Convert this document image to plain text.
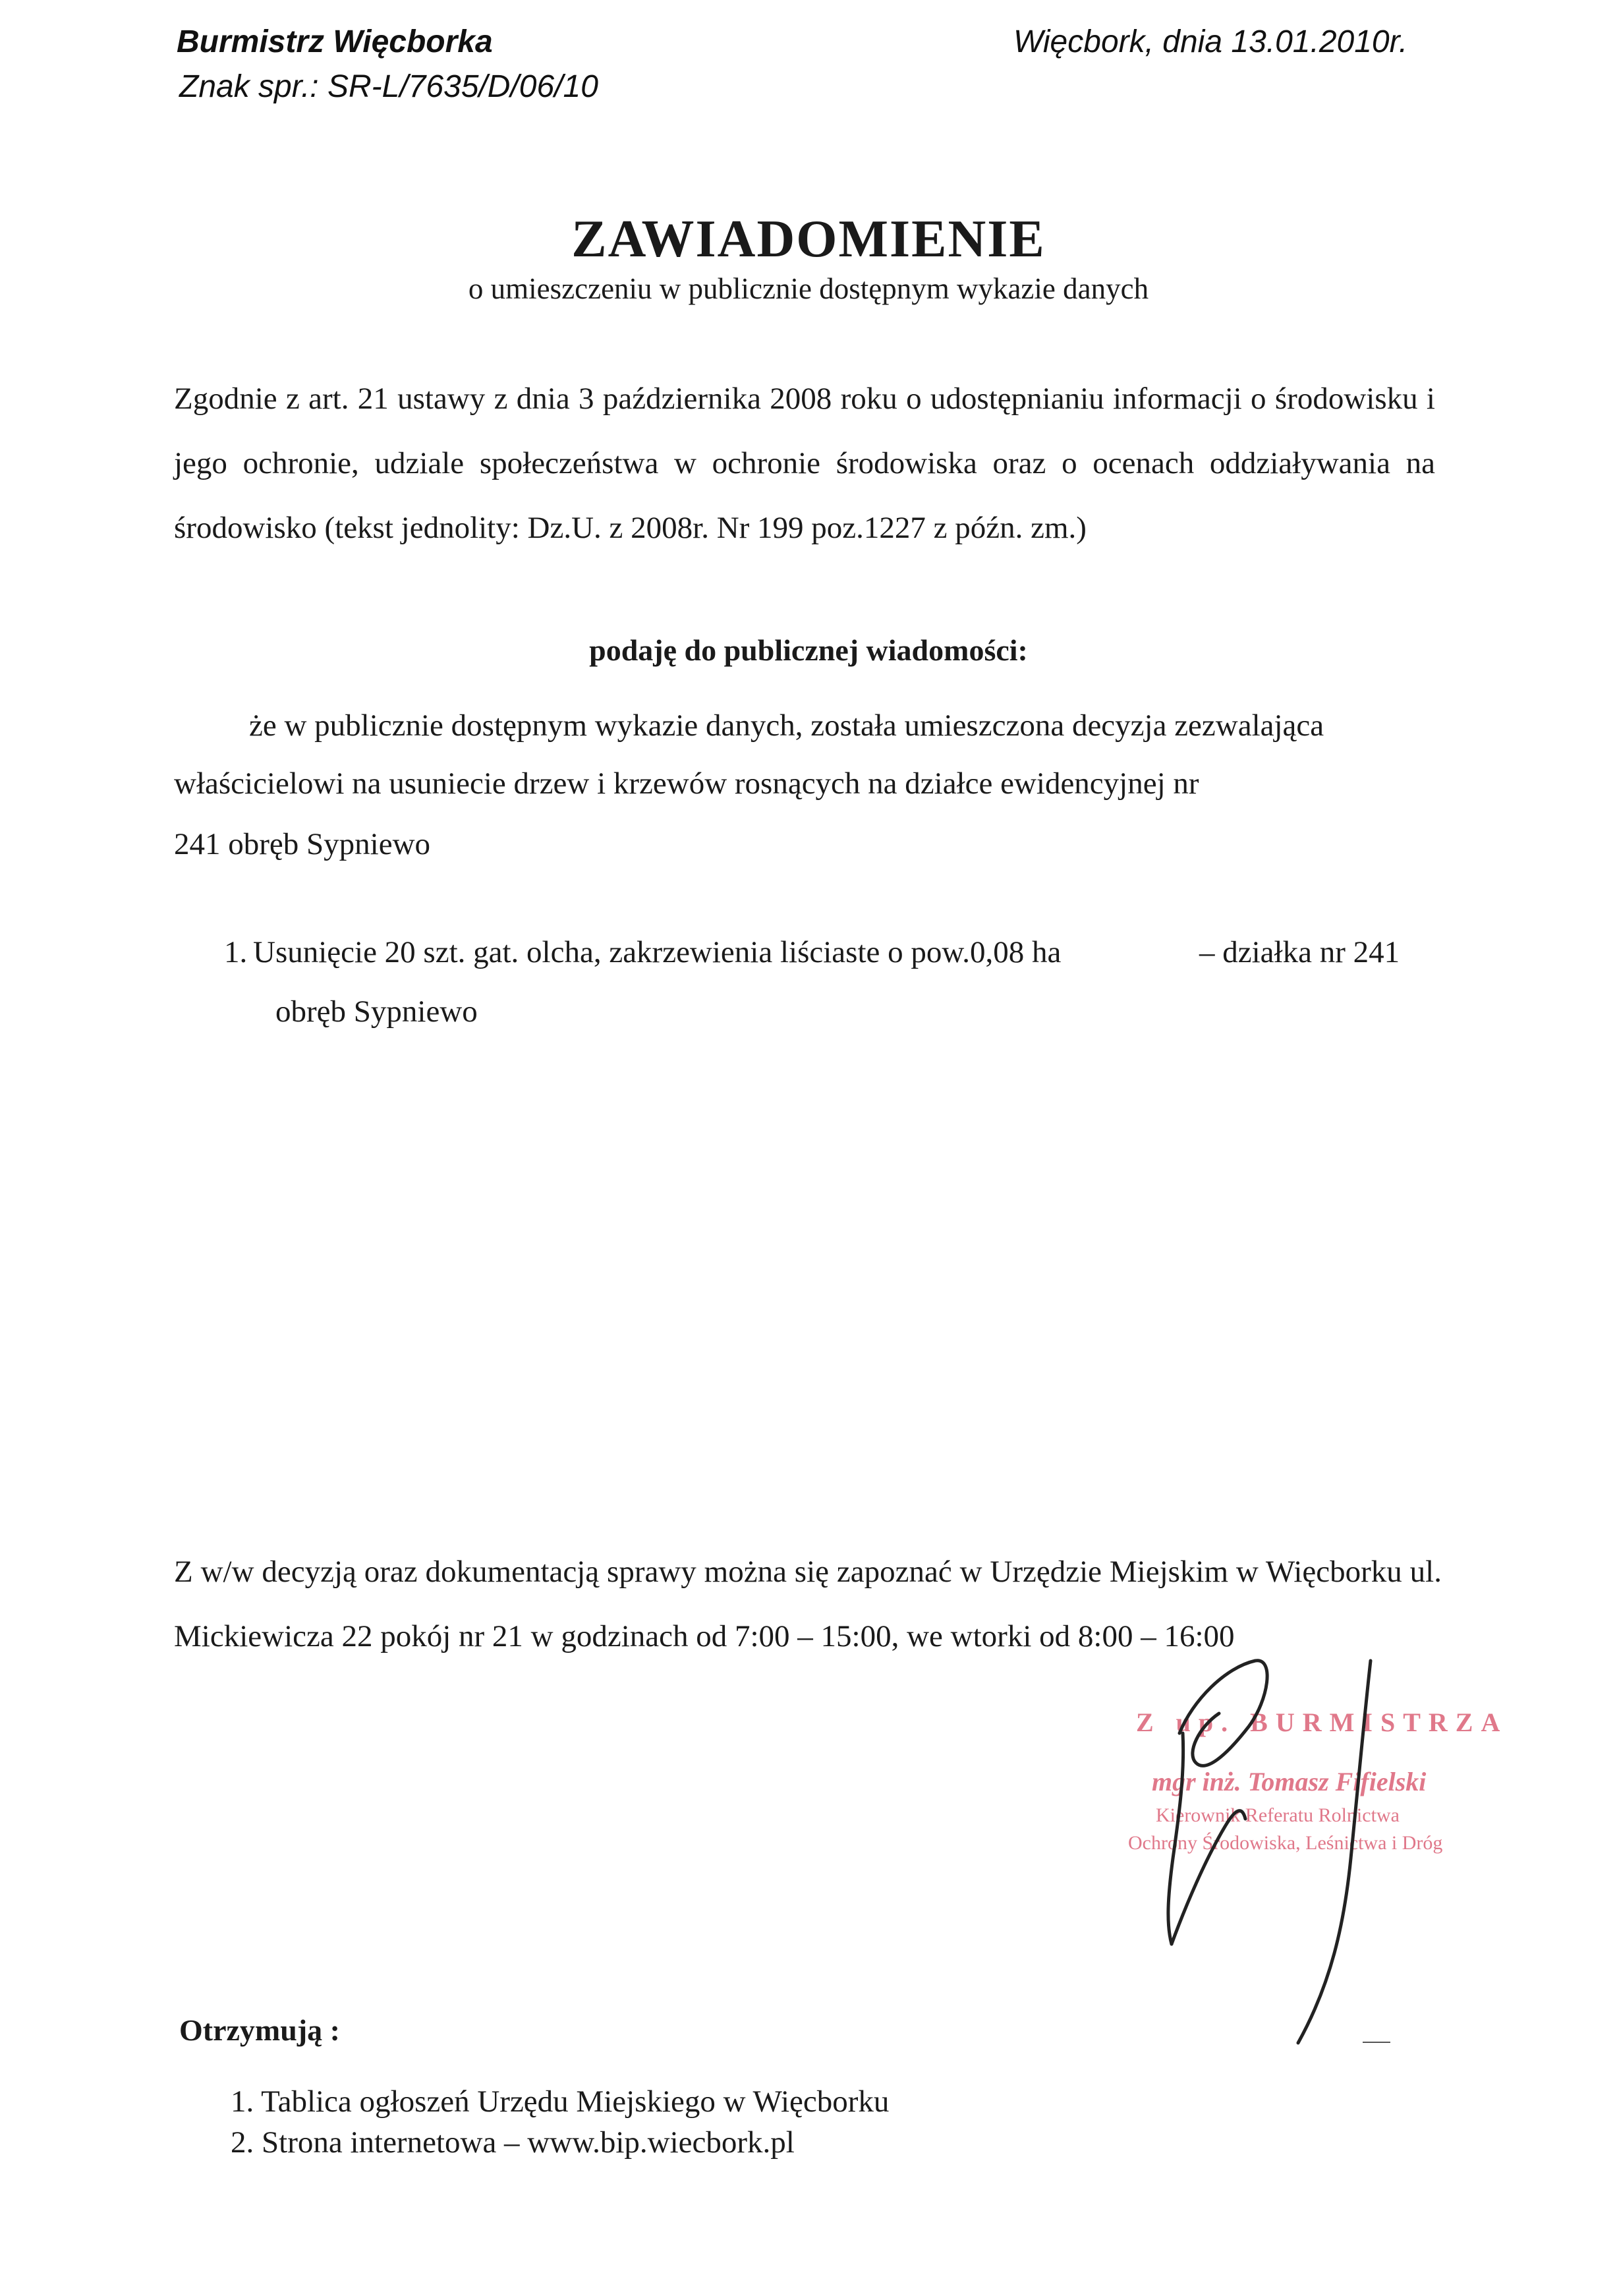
Burmistrz Więcborka
Znak spr.: SR-L/7635/D/06/10
Więcbork, dnia 13.01.2010r.
ZAWIADOMIENIE
o umieszczeniu w publicznie dostępnym wykazie danych
Zgodnie z art. 21 ustawy z dnia 3 października 2008 roku o udostępnianiu informacji o środowisku i jego ochronie, udziale społeczeństwa w ochronie środowiska oraz o ocenach oddziaływania na środowisko (tekst jednolity: Dz.U. z 2008r. Nr 199 poz.1227 z późn. zm.)
podaję do publicznej wiadomości:
że w publicznie dostępnym wykazie danych, została umieszczona decyzja zezwalająca
właścicielowi na usuniecie drzew i krzewów rosnących na działce ewidencyjnej nr
241 obręb Sypniewo
1. Usunięcie 20 szt. gat. olcha, zakrzewienia liściaste o pow.0,08 ha	– działka nr 241
obręb Sypniewo
Z w/w decyzją oraz dokumentacją sprawy można się zapoznać w Urzędzie Miejskim w Więcborku ul. Mickiewicza 22 pokój nr 21 w godzinach od 7:00 – 15:00, we wtorki od 8:00 – 16:00
Z up. BURMISTRZA
mgr inż. Tomasz Fifielski
Kierownik Referatu Rolnictwa
Ochrony Środowiska, Leśnictwa i Dróg
Otrzymują :
1. Tablica ogłoszeń Urzędu Miejskiego w Więcborku
2. Strona internetowa – www.bip.wiecbork.pl
